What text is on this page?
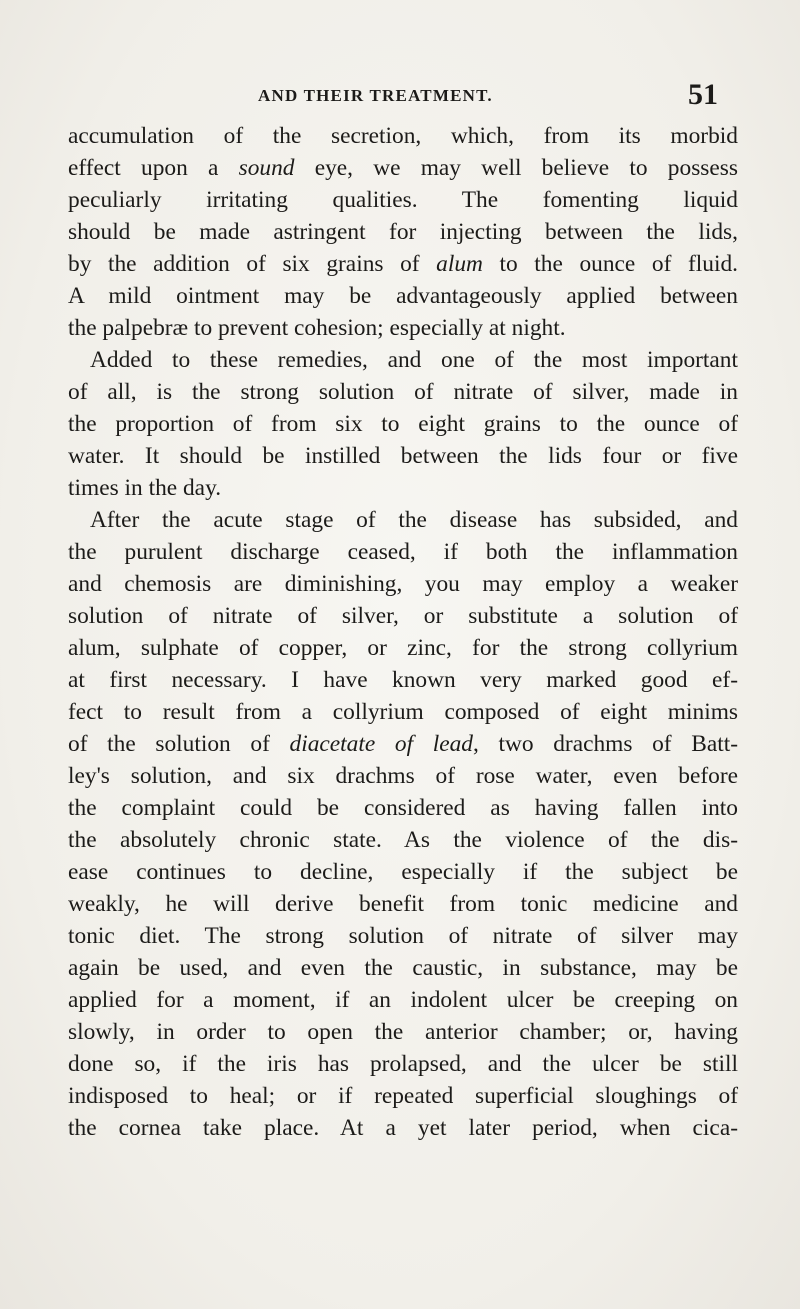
AND THEIR TREATMENT.	51
accumulation of the secretion, which, from its morbid
effect upon a sound eye, we may well believe to possess
peculiarly irritating qualities. The fomenting liquid
should be made astringent for injecting between the lids,
by the addition of six grains of alum to the ounce of fluid.
A mild ointment may be advantageously applied between
the palpebræ to prevent cohesion; especially at night.
Added to these remedies, and one of the most important
of all, is the strong solution of nitrate of silver, made in
the proportion of from six to eight grains to the ounce of
water. It should be instilled between the lids four or five
times in the day.
After the acute stage of the disease has subsided, and
the purulent discharge ceased, if both the inflammation
and chemosis are diminishing, you may employ a weaker
solution of nitrate of silver, or substitute a solution of
alum, sulphate of copper, or zinc, for the strong collyrium
at first necessary. I have known very marked good ef-
fect to result from a collyrium composed of eight minims
of the solution of diacetate of lead, two drachms of Batt-
ley's solution, and six drachms of rose water, even before
the complaint could be considered as having fallen into
the absolutely chronic state. As the violence of the dis-
ease continues to decline, especially if the subject be
weakly, he will derive benefit from tonic medicine and
tonic diet. The strong solution of nitrate of silver may
again be used, and even the caustic, in substance, may be
applied for a moment, if an indolent ulcer be creeping on
slowly, in order to open the anterior chamber; or, having
done so, if the iris has prolapsed, and the ulcer be still
indisposed to heal; or if repeated superficial sloughings of
the cornea take place. At a yet later period, when cica-
